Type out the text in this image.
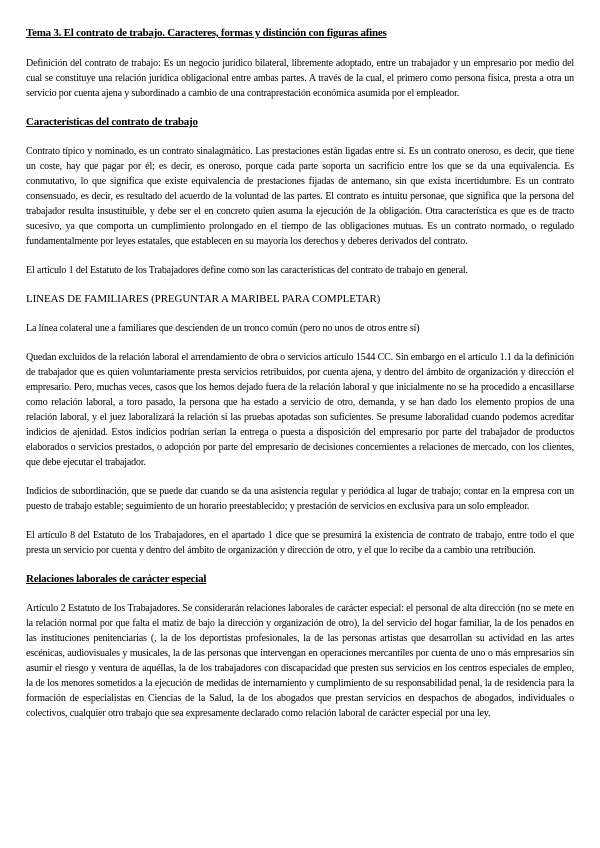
Tema 3. El contrato de trabajo. Caracteres, formas y distinción con figuras afines

Definición del contrato de trabajo: Es un negocio jurídico bilateral, libremente adoptado, entre un trabajador y un empresario por medio del cual se constituye una relación jurídica obligacional entre ambas partes. A través de la cual, el primero como persona física, presta a otra un servicio por cuenta ajena y subordinado a cambio de una contraprestación económica asumida por el empleador.

Características del contrato de trabajo

Contrato típico y nominado, es un contrato sinalagmático. Las prestaciones están ligadas entre sí. Es un contrato oneroso, es decir, que tiene un coste, hay que pagar por él; es decir, es oneroso, porque cada parte soporta un sacrificio entre los que se da una equivalencia. Es conmutativo, lo que significa que existe equivalencia de prestaciones fijadas de antemano, sin que exista incertidumbre. Es un contrato consensuado, es decir, es resultado del acuerdo de la voluntad de las partes. El contrato es intuitu personae, que significa que la persona del trabajador resulta insustituible, y debe ser el en concreto quien asuma la ejecución de la obligación. Otra característica es que es de tracto sucesivo, ya que comporta un cumplimiento prolongado en el tiempo de las obligaciones mutuas. Es un contrato normado, o regulado fundamentalmente por leyes estatales, que establecen en su mayoría los derechos y deberes derivados del contrato.

El artículo 1 del Estatuto de los Trabajadores define como son las características del contrato de trabajo en general.

LINEAS DE FAMILIARES (PREGUNTAR A MARIBEL PARA COMPLETAR)

La línea colateral une a familiares que descienden de un tronco común (pero no unos de otros entre sí)

Quedan excluidos de la relación laboral el arrendamiento de obra o servicios artículo 1544 CC. Sin embargo en el artículo 1.1 da la definición de trabajador que es quien voluntariamente presta servicios retribuidos, por cuenta ajena, y dentro del ámbito de organización y dirección el empresario. Pero, muchas veces, casos que los hemos dejado fuera de la relación laboral y que inicialmente no se ha procedido a encasillarse como relación laboral, a toro pasado, la persona que ha estado a servicio de otro, demanda, y se han dado los elemento propios de una relación laboral, y el juez laboralizará la relación si las pruebas apotadas son suficientes. Se presume laboralidad cuando podemos acreditar indicios de ajenidad. Estos indicios podrían serían la entrega o puesta a disposición del empresario por parte del trabajador de productos elaborados o servicios prestados, o adopción por parte del empresario de decisiones concernientes a relaciones de mercado, con los clientes, que debe ejecutar el trabajador.

Indicios de subordinación, que se puede dar cuando se da una asistencia regular y periódica al lugar de trabajo; contar en la empresa con un puesto de trabajo estable; seguimiento de un horario preestablecido; y prestación de servicios en exclusiva para un solo empleador.

El artículo 8 del Estatuto de los Trabajadores, en el apartado 1 dice que se presumirá la existencia de contrato de trabajo, entre todo el que presta un servicio por cuenta y dentro del ámbito de organización y dirección de otro, y el que lo recibe da a cambio una retribución.

Relaciones laborales de carácter especial

Artículo 2 Estatuto de los Trabajadores. Se considerarán relaciones laborales de carácter especial: el personal de alta dirección (no se mete en la relación normal por que falta el matiz de bajo la dirección y organización de otro), la del servicio del hogar familiar, la de los penados en las instituciones penitenciarias (, la de los deportistas profesionales, la de las personas artistas que desarrollan su actividad en las artes escénicas, audiovisuales y musicales, la de las personas que intervengan en operaciones mercantiles por cuenta de uno o más empresarios sin asumir el riesgo y ventura de aquéllas, la de los trabajadores con discapacidad que presten sus servicios en los centros especiales de empleo, la de los menores sometidos a la ejecución de medidas de internamiento y cumplimiento de su responsabilidad penal, la de residencia para la formación de especialistas en Ciencias de la Salud, la de los abogados que prestan servicios en despachos de abogados, individuales o colectivos, cualquier otro trabajo que sea expresamente declarado como relación laboral de carácter especial por una ley.
